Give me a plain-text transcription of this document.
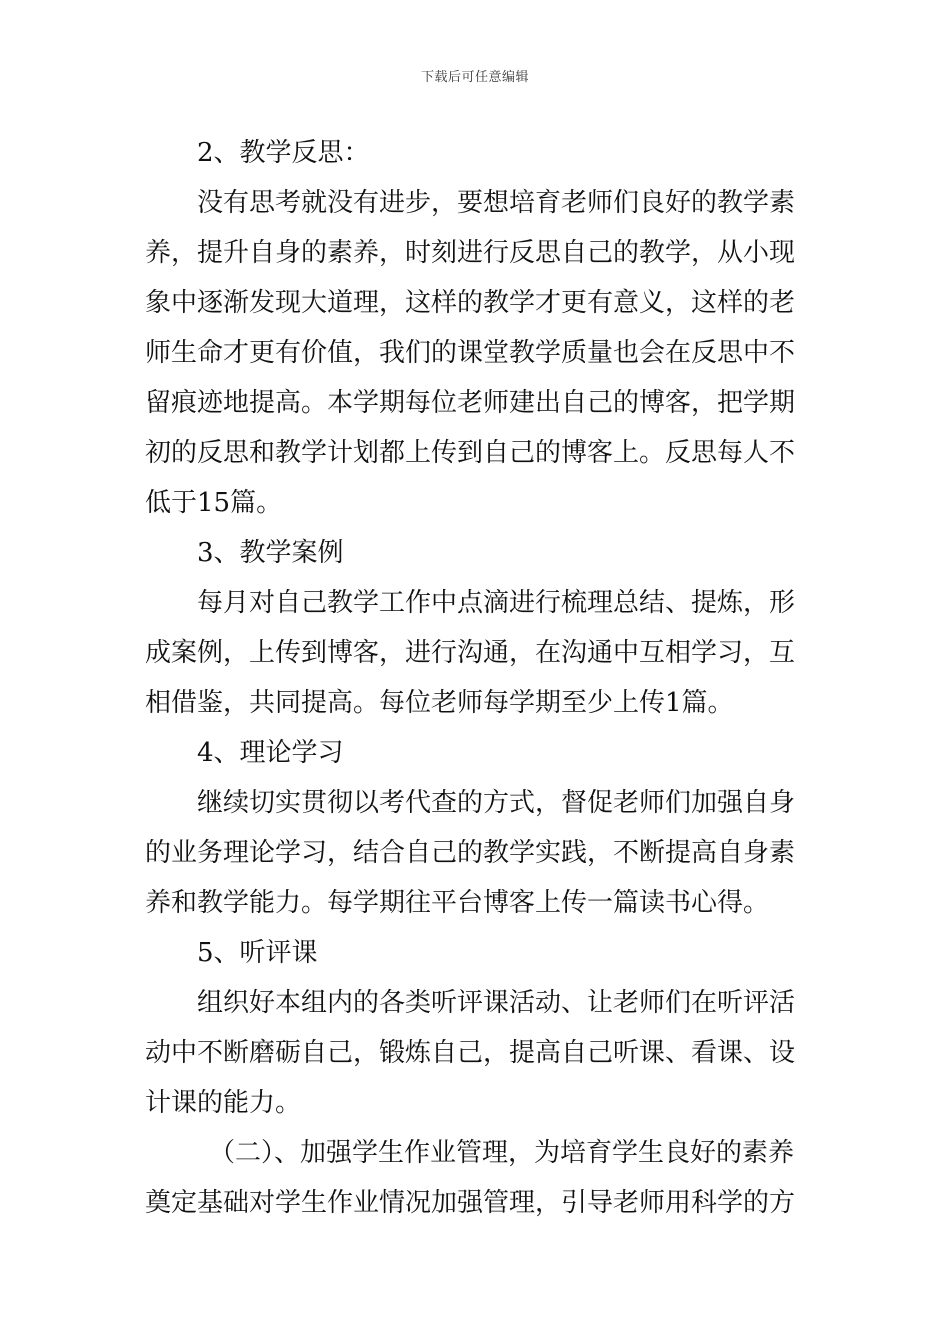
下载后可任意编辑
2、教学反思：
没有思考就没有进步，要想培育老师们良好的教学素
养，提升自身的素养，时刻进行反思自己的教学，从小现
象中逐渐发现大道理，这样的教学才更有意义，这样的老
师生命才更有价值，我们的课堂教学质量也会在反思中不
留痕迹地提高。本学期每位老师建出自己的博客，把学期
初的反思和教学计划都上传到自己的博客上。反思每人不
低于15篇。
3、教学案例
每月对自己教学工作中点滴进行梳理总结、提炼，形
成案例，上传到博客，进行沟通，在沟通中互相学习，互
相借鉴，共同提高。每位老师每学期至少上传1篇。
4、理论学习
继续切实贯彻以考代查的方式，督促老师们加强自身
的业务理论学习，结合自己的教学实践，不断提高自身素
养和教学能力。每学期往平台博客上传一篇读书心得。
5、听评课
组织好本组内的各类听评课活动、让老师们在听评活
动中不断磨砺自己，锻炼自己，提高自己听课、看课、设
计课的能力。
（二）、加强学生作业管理，为培育学生良好的素养
奠定基础对学生作业情况加强管理，引导老师用科学的方
